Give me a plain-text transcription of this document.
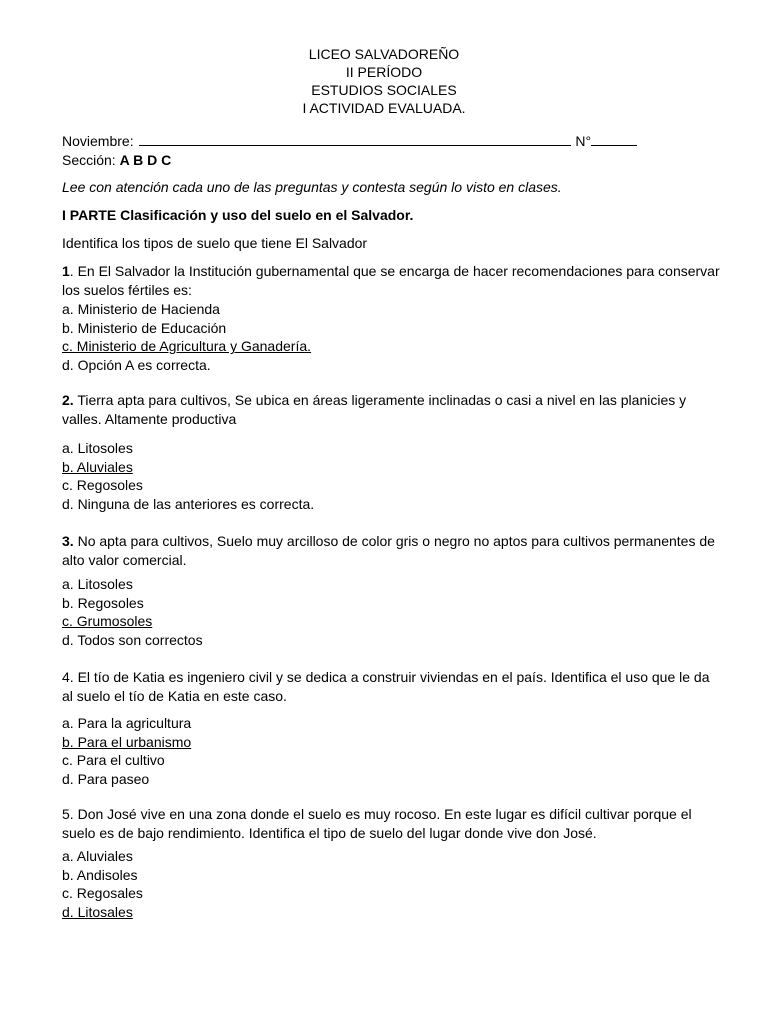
LICEO SALVADOREÑO
II PERÍODO
ESTUDIOS SOCIALES
I ACTIVIDAD EVALUADA.
Noviembre:	N°
Sección: A B D C
Lee con atención cada uno de las preguntas y contesta según lo visto en clases.
I PARTE Clasificación y uso del suelo en el Salvador.
Identifica los tipos de suelo que tiene El Salvador
1. En El Salvador la Institución gubernamental que se encarga de hacer recomendaciones para conservar los suelos fértiles es:
a. Ministerio de Hacienda
b. Ministerio de Educación
c. Ministerio de Agricultura y Ganadería.
d. Opción A es correcta.
2. Tierra apta para cultivos, Se ubica en áreas ligeramente inclinadas o casi a nivel en las planicies y valles. Altamente productiva
a. Litosoles
b. Aluviales
c. Regosoles
d. Ninguna de las anteriores es correcta.
3. No apta para cultivos, Suelo muy arcilloso de color gris o negro no aptos para cultivos permanentes de alto valor comercial.
a. Litosoles
b. Regosoles
c. Grumosoles
d. Todos son correctos
4. El tío de Katia es ingeniero civil y se dedica a construir viviendas en el país. Identifica el uso que le da al suelo el tío de Katia en este caso.
a. Para la agricultura
b. Para el urbanismo
c. Para el cultivo
d. Para paseo
5. Don José vive en una zona donde el suelo es muy rocoso. En este lugar es difícil cultivar porque el suelo es de bajo rendimiento. Identifica el tipo de suelo del lugar donde vive don José.
a. Aluviales
b. Andisoles
c. Regosales
d. Litosales
